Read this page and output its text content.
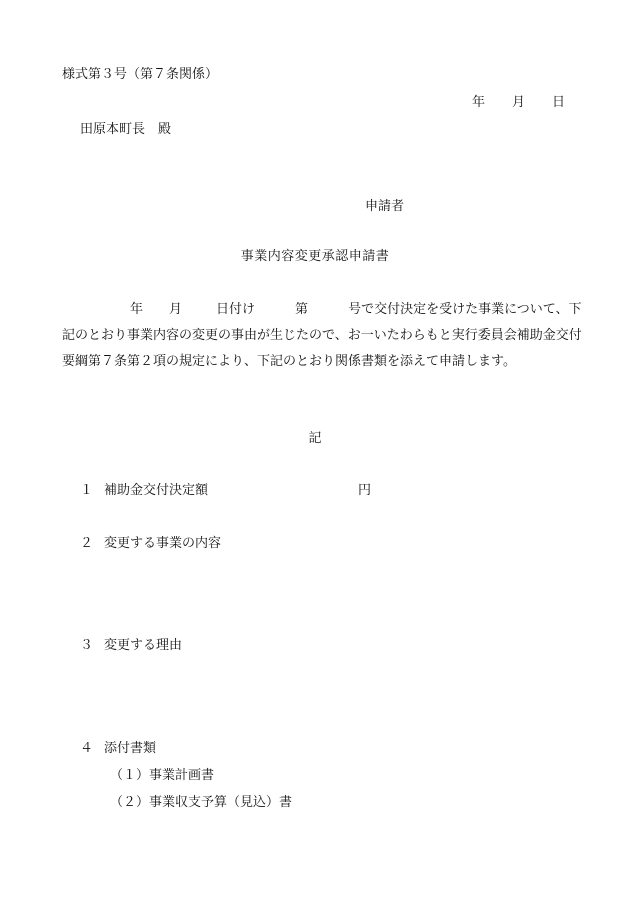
様式第３号（第７条関係）
年 月 日
田原本町長　殿
申請者
事業内容変更承認申請書
年 月	日付け	第	号で交付決定を受けた事業について、下記のとおり事業内容の変更の事由が生じたので、お一いたわらもと実行委員会補助金交付要綱第７条第２項の規定により、下記のとおり関係書類を添えて申請します。
記
１ 補助金交付決定額	円
２ 変更する事業の内容
３ 変更する理由
４ 添付書類
（１）事業計画書
（２）事業収支予算（見込）書
